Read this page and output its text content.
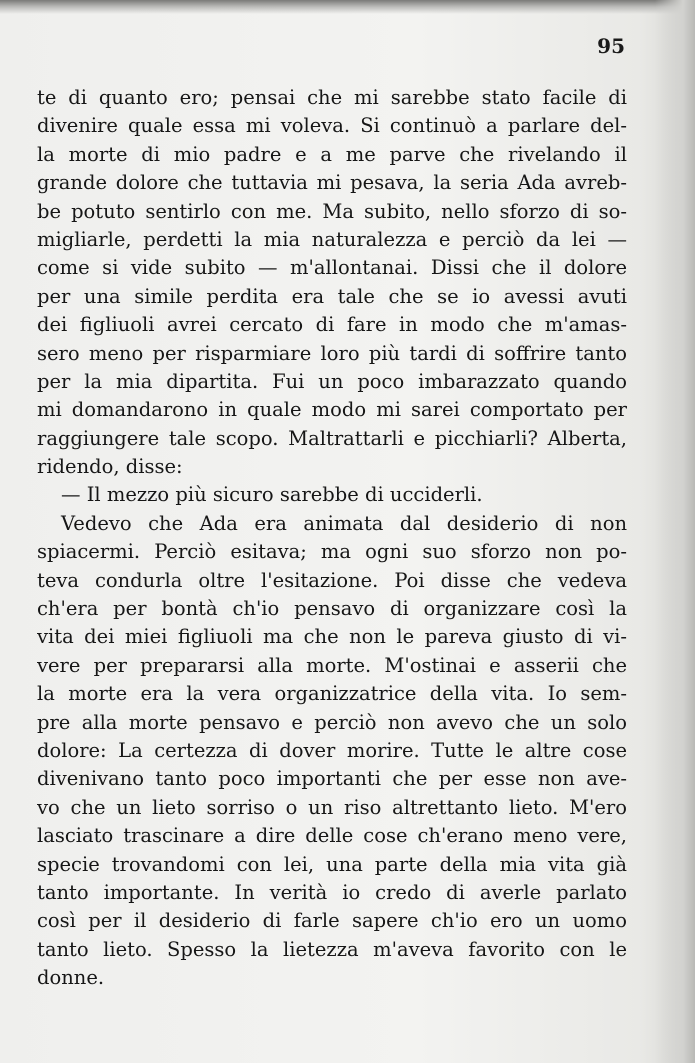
95
te di quanto ero; pensai che mi sarebbe stato facile di
divenire quale essa mi voleva. Si continuò a parlare del-
la morte di mio padre e a me parve che rivelando il
grande dolore che tuttavia mi pesava, la seria Ada avreb-
be potuto sentirlo con me. Ma subito, nello sforzo di so-
migliarle, perdetti la mia naturalezza e perciò da lei —
come si vide subito — m'allontanai. Dissi che il dolore
per una simile perdita era tale che se io avessi avuti
dei figliuoli avrei cercato di fare in modo che m'amas-
sero meno per risparmiare loro più tardi di soffrire tanto
per la mia dipartita. Fui un poco imbarazzato quando
mi domandarono in quale modo mi sarei comportato per
raggiungere tale scopo. Maltrattarli e picchiarli? Alberta,
ridendo, disse:
— Il mezzo più sicuro sarebbe di ucciderli.
Vedevo che Ada era animata dal desiderio di non
spiacermi. Perciò esitava; ma ogni suo sforzo non po-
teva condurla oltre l'esitazione. Poi disse che vedeva
ch'era per bontà ch'io pensavo di organizzare così la
vita dei miei figliuoli ma che non le pareva giusto di vi-
vere per prepararsi alla morte. M'ostinai e asserii che
la morte era la vera organizzatrice della vita. Io sem-
pre alla morte pensavo e perciò non avevo che un solo
dolore: La certezza di dover morire. Tutte le altre cose
divenivano tanto poco importanti che per esse non ave-
vo che un lieto sorriso o un riso altrettanto lieto. M'ero
lasciato trascinare a dire delle cose ch'erano meno vere,
specie trovandomi con lei, una parte della mia vita già
tanto importante. In verità io credo di averle parlato
così per il desiderio di farle sapere ch'io ero un uomo
tanto lieto. Spesso la lietezza m'aveva favorito con le
donne.
